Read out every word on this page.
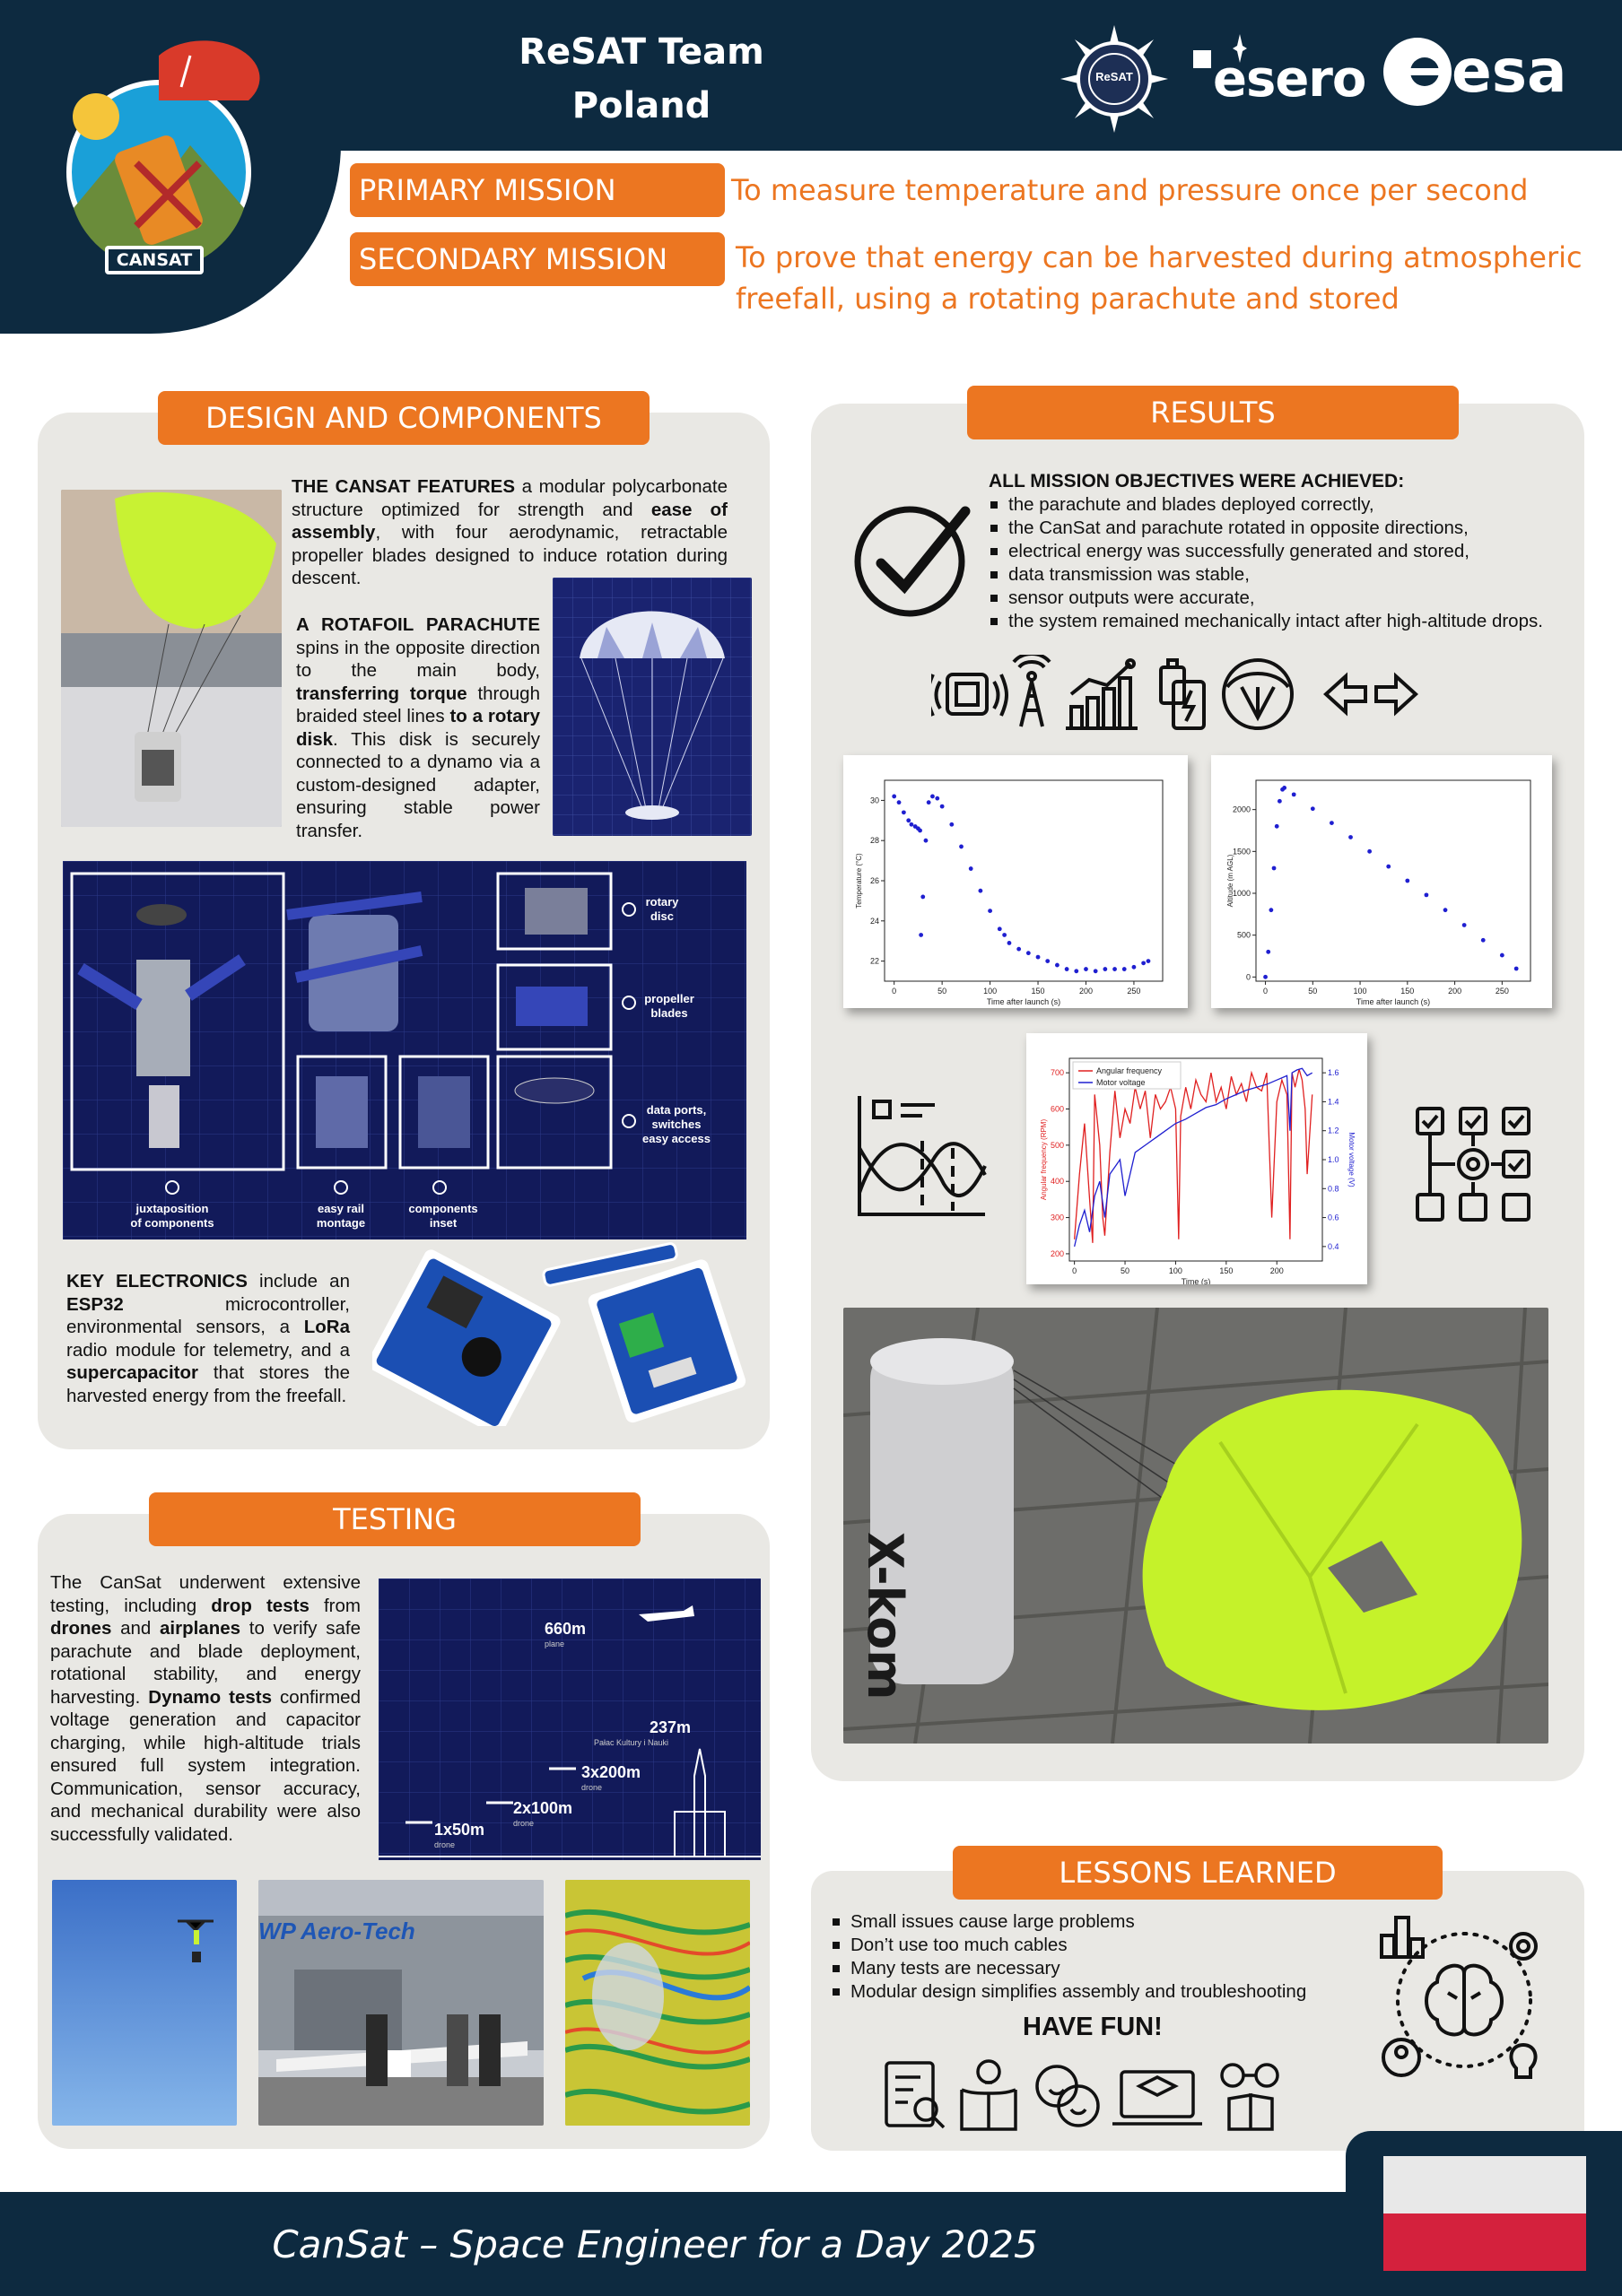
CANSAT
ReSAT Team
Poland
ReSAT esero esa
PRIMARY MISSION	To measure temperature and pressure once per second
SECONDARY MISSION	To prove that energy can be harvested during atmospheric
freefall, using a rotating parachute and stored
DESIGN AND COMPONENTS
THE CANSAT FEATURES a modular polycarbonate structure optimized for strength and ease of assembly, with four aerodynamic, retractable propeller blades designed to induce rotation during descent.
A ROTAFOIL PARACHUTE spins in the opposite direction to the main body, transferring torque through braided steel lines to a rotary disk. This disk is securely connected to a dynamo via a custom-designed adapter, ensuring stable power transfer.
rotary
disc
propeller
blades
data ports,
switches
easy access
juxtaposition
of components
easy rail
montage
components
inset
KEY ELECTRONICS include an ESP32 microcontroller, environmental sensors, a LoRa radio module for telemetry, and a supercapacitor that stores the harvested energy from the freefall.
TESTING
The CanSat underwent extensive testing, including drop tests from drones and airplanes to verify safe parachute and blade deployment, rotational stability, and energy harvesting. Dynamo tests confirmed voltage generation and capacitor charging, while high-altitude trials ensured full system integration. Communication, sensor accuracy, and mechanical durability were also successfully validated.
660m
plane
237m
Pałac Kultury i Nauki
3x200m
drone
2x100m
drone
1x50m
drone
WP Aero-Tech
RESULTS
ALL MISSION OBJECTIVES WERE ACHIEVED:
the parachute and blades deployed correctly,
the CanSat and parachute rotated in opposite directions,
electrical energy was successfully generated and stored,
data transmission was stable,
sensor outputs were accurate,
the system remained mechanically intact after high-altitude drops.
0	50	100	150	200	250
22
24
26
28
30
Time after launch (s)
Temperature (°C)
0	50	100	150	200	250
0
500
1000
1500
2000
Time after launch (s)
Altitude (m AGL)
0	50	100	150	200
200
300
400
500
600
700
Time (s)
Angular frequency (RPM)
0.4
0.6
0.8
1.0
1.2
1.4
1.6
Motor voltage (V)
Angular frequency
Motor voltage
X-kom
LESSONS LEARNED
Small issues cause large problems
Don’t use too much cables
Many tests are necessary
Modular design simplifies assembly and troubleshooting
HAVE FUN!
CanSat – Space Engineer for a Day 2025
